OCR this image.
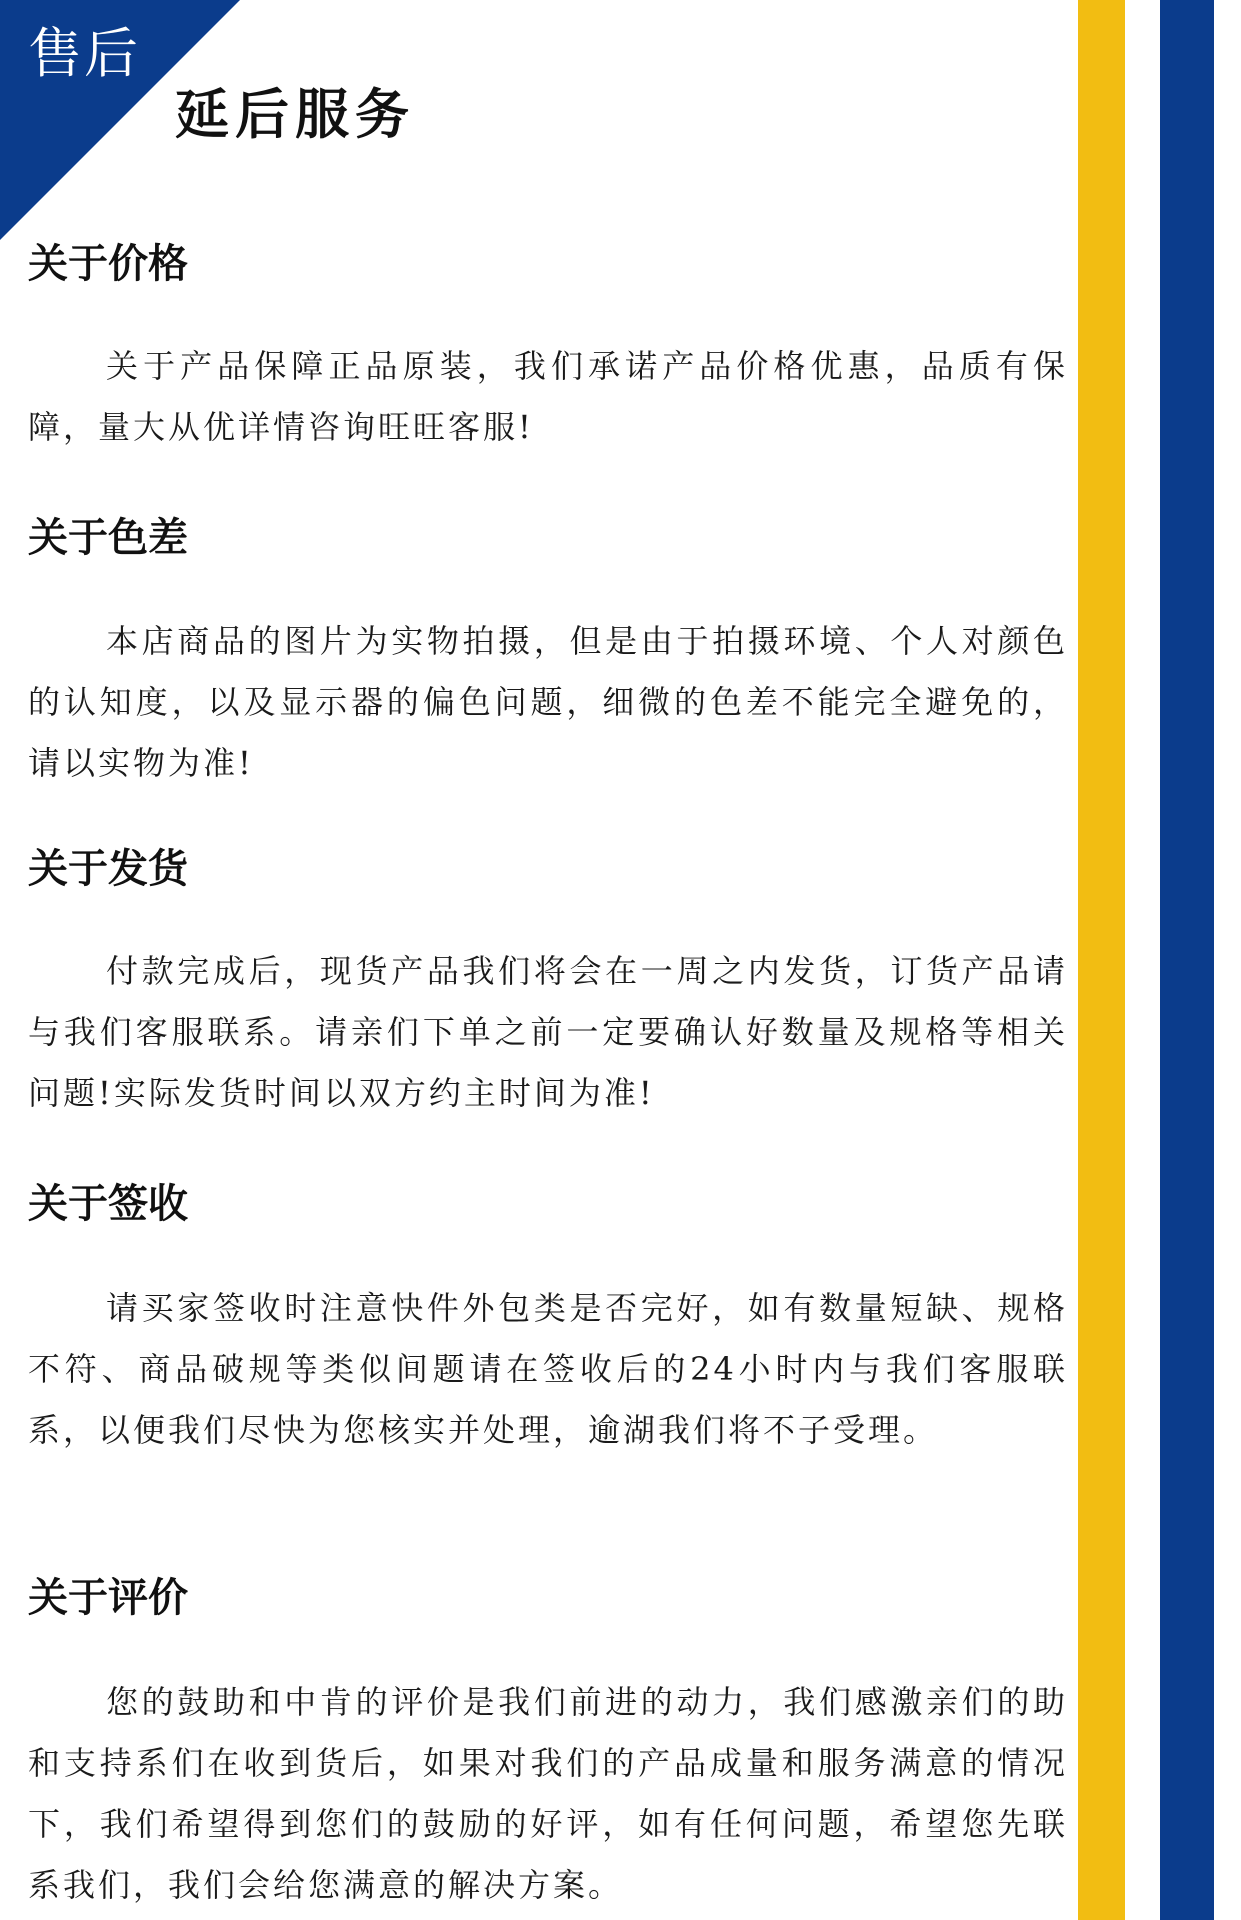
售后
延后服务
关于价格

关于产品保障正品原装，我们承诺产品价格优惠，品质有保障，量大从优详情咨询旺旺客服!

关于色差

本店商品的图片为实物拍摄，但是由于拍摄环境、个人对颜色的认知度，以及显示器的偏色问题，细微的色差不能完全避免的，请以实物为准!

关于发货

付款完成后，现货产品我们将会在一周之内发货，订货产品请与我们客服联系。请亲们下单之前一定要确认好数量及规格等相关问题!实际发货时间以双方约主时间为准!

关于签收

请买家签收时注意快件外包类是否完好，如有数量短缺、规格不符、商品破规等类似间题请在签收后的24小时内与我们客服联系，以便我们尽快为您核实并处理，逾湖我们将不子受理。

关于评价

您的鼓助和中肯的评价是我们前进的动力，我们感激亲们的助和支持系们在收到货后，如果对我们的产品成量和服务满意的情况下，我们希望得到您们的鼓励的好评，如有任何问题，希望您先联系我们，我们会给您满意的解决方案。
